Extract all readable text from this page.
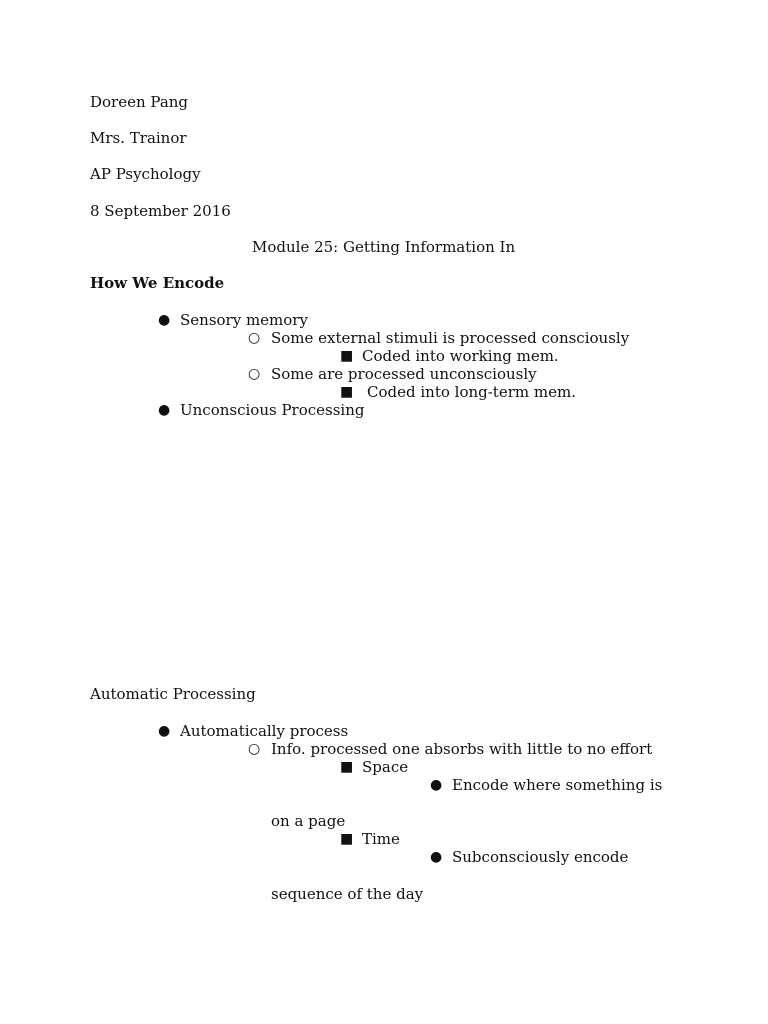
Doreen Pang
Mrs. Trainor
AP Psychology
8 September 2016
Module 25: Getting Information In
How We Encode
● Sensory memory
○ Some external stimuli is processed consciously
■ Coded into working mem.
○ Some are processed unconsciously
■ Coded into long-term mem.
● Unconscious Processing
Automatic Processing
● Automatically process
○ Info. processed one absorbs with little to no effort
■ Space
● Encode where something is
on a page
■ Time
● Subconsciously encode
sequence of the day
